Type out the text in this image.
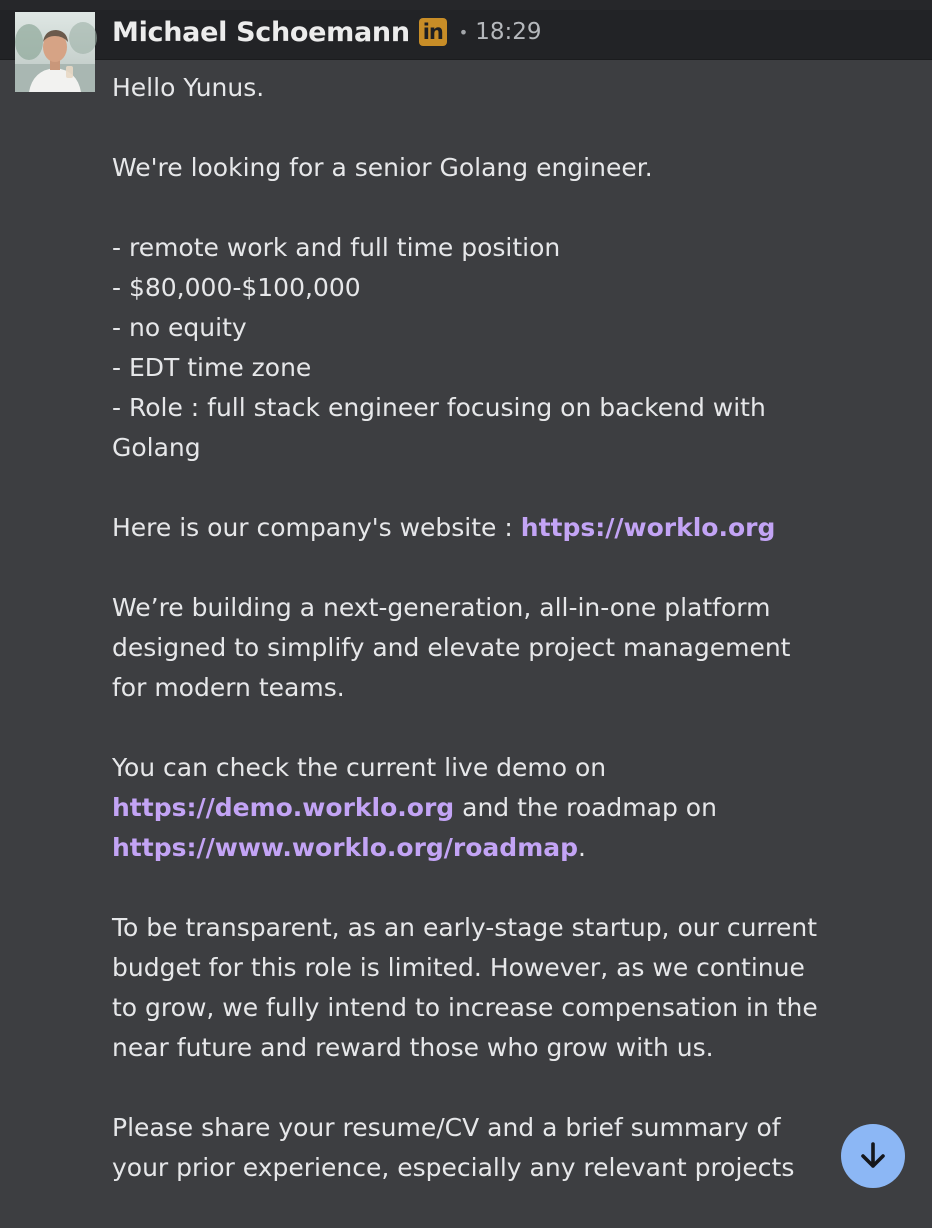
Michael Schoemann in • 18:29

Hello Yunus.

We're looking for a senior Golang engineer.

- remote work and full time position
- $80,000-$100,000
- no equity
- EDT time zone
- Role : full stack engineer focusing on backend with Golang

Here is our company's website : https://worklo.org

We’re building a next-generation, all-in-one platform designed to simplify and elevate project management for modern teams.

You can check the current live demo on https://demo.worklo.org and the roadmap on https://www.worklo.org/roadmap.

To be transparent, as an early-stage startup, our current budget for this role is limited. However, as we continue to grow, we fully intend to increase compensation in the near future and reward those who grow with us.

Please share your resume/CV and a brief summary of your prior experience, especially any relevant projects
